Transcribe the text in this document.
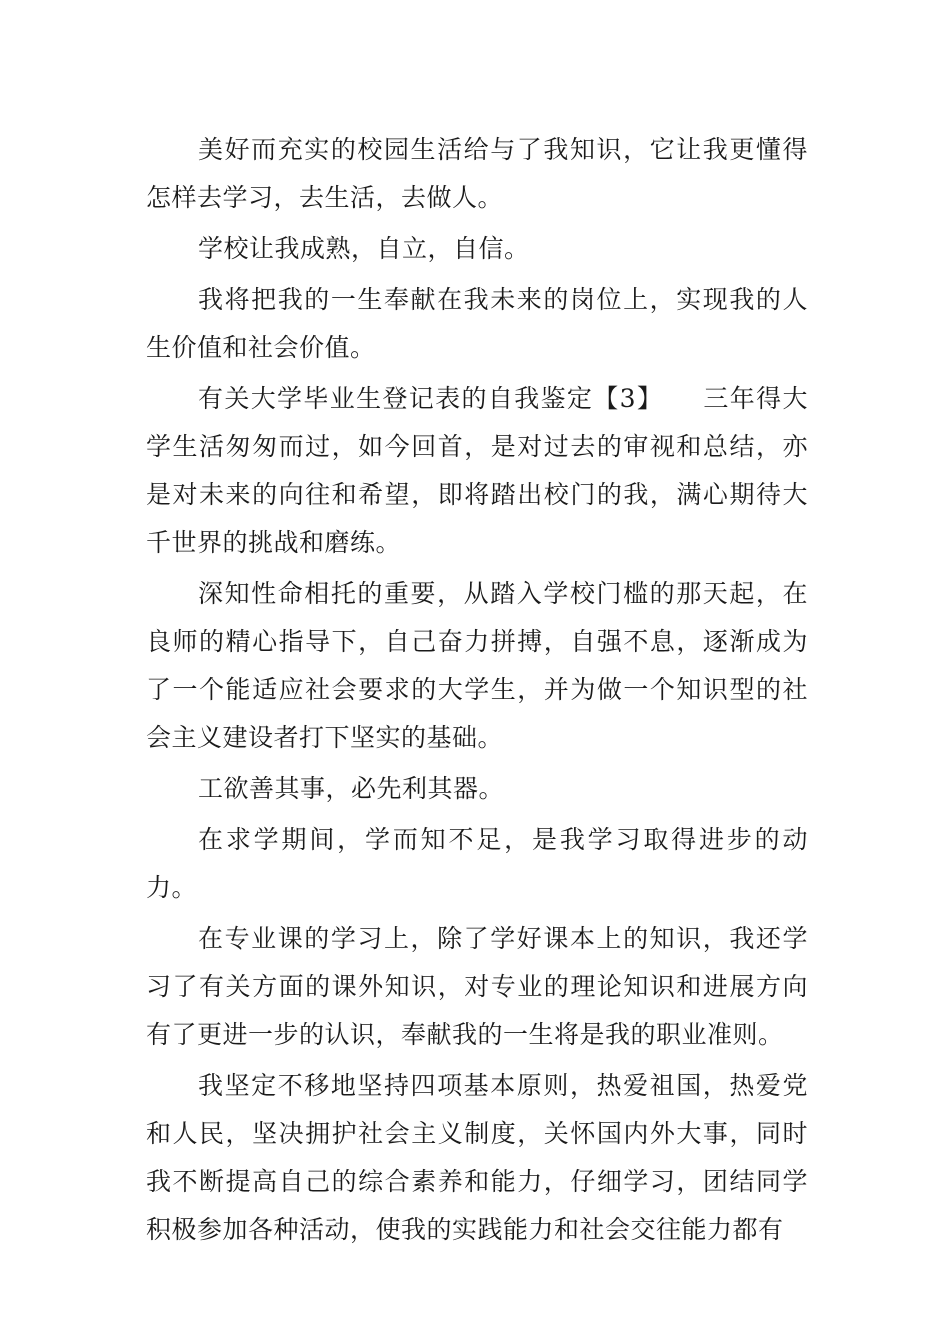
美好而充实的校园生活给与了我知识，它让我更懂得怎样去学习，去生活，去做人。

学校让我成熟，自立，自信。

我将把我的一生奉献在我未来的岗位上，实现我的人生价值和社会价值。

有关大学毕业生登记表的自我鉴定【3】　　三年得大学生活匆匆而过，如今回首，是对过去的审视和总结，亦是对未来的向往和希望，即将踏出校门的我，满心期待大千世界的挑战和磨练。

深知性命相托的重要，从踏入学校门槛的那天起，在良师的精心指导下，自己奋力拼搏，自强不息，逐渐成为了一个能适应社会要求的大学生，并为做一个知识型的社会主义建设者打下坚实的基础。

工欲善其事，必先利其器。

在求学期间，学而知不足，是我学习取得进步的动力。

在专业课的学习上，除了学好课本上的知识，我还学习了有关方面的课外知识，对专业的理论知识和进展方向有了更进一步的认识，奉献我的一生将是我的职业准则。

我坚定不移地坚持四项基本原则，热爱祖国，热爱党和人民，坚决拥护社会主义制度，关怀国内外大事，同时我不断提高自己的综合素养和能力，仔细学习，团结同学积极参加各种活动，使我的实践能力和社会交往能力都有
